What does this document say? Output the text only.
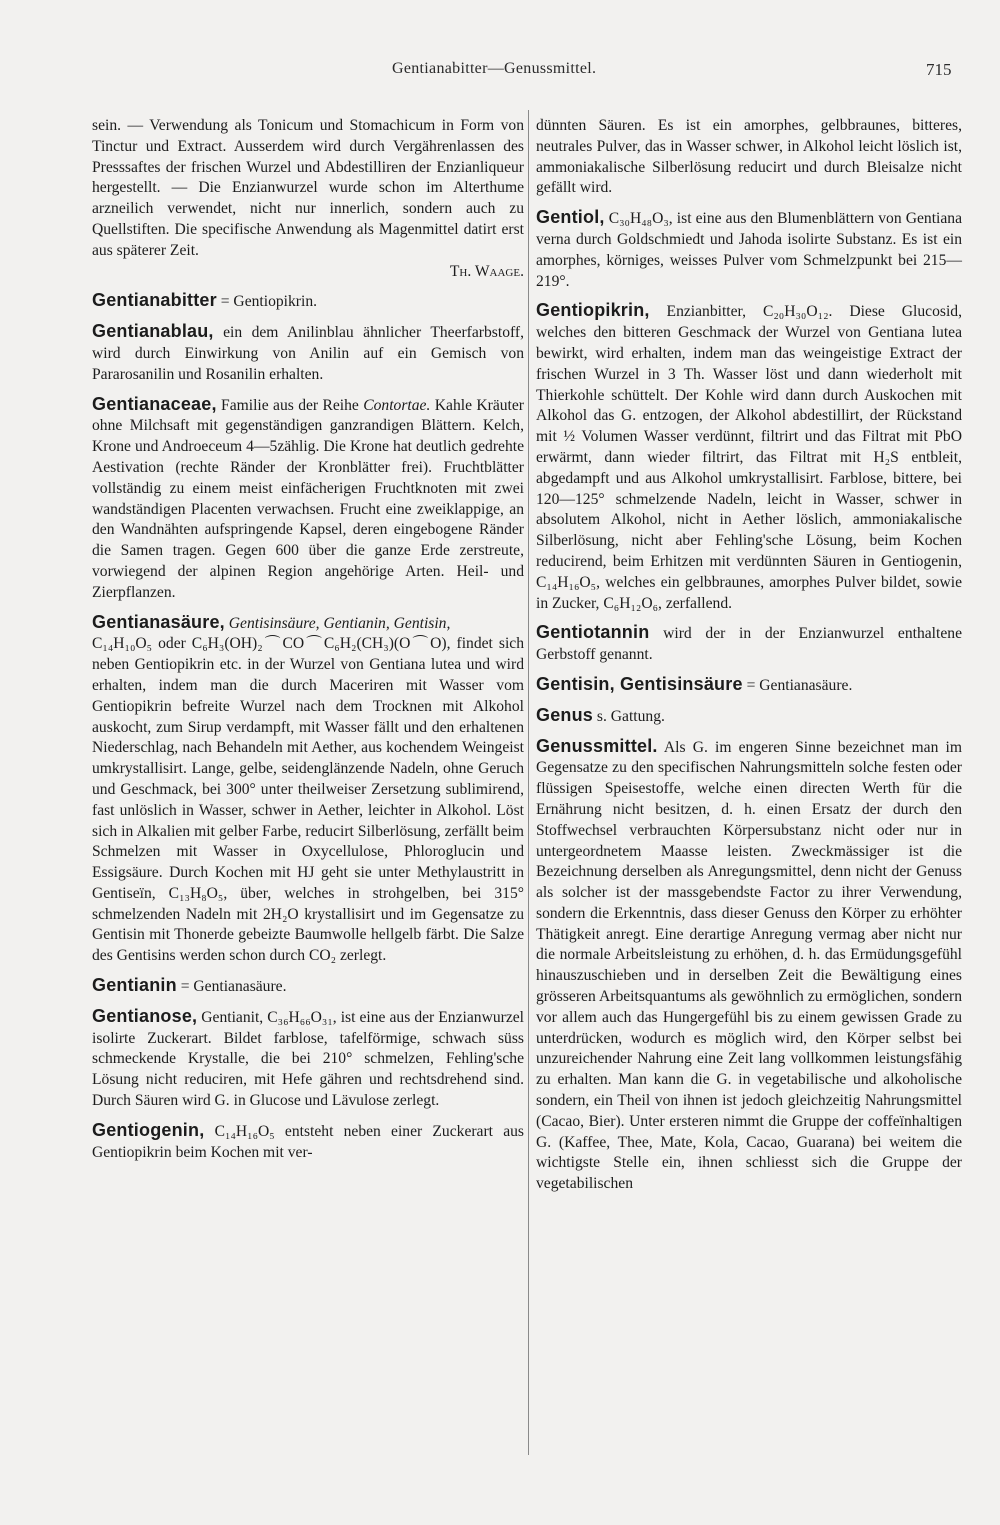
Gentianabitter—Genussmittel.	715

sein. — Verwendung als Tonicum und Stomachicum in Form von Tinctur und Extract. Ausserdem wird durch Vergährenlassen des Presssaftes der frischen Wurzel und Abdestilliren der Enzianliqueur hergestellt. — Die Enzianwurzel wurde schon im Alterthume arzneilich verwendet, nicht nur innerlich, sondern auch zu Quellstiften. Die specifische Anwendung als Magenmittel datirt erst aus späterer Zeit.
Th. Waage.

Gentianabitter = Gentiopikrin.

Gentianablau, ein dem Anilinblau ähnlicher Theerfarbstoff, wird durch Einwirkung von Anilin auf ein Gemisch von Pararosanilin und Rosanilin erhalten.

Gentianaceae, Familie aus der Reihe Contortae. Kahle Kräuter ohne Milchsaft mit gegenständigen ganzrandigen Blättern. Kelch, Krone und Androeceum 4—5zählig. Die Krone hat deutlich gedrehte Aestivation (rechte Ränder der Kronblätter frei). Fruchtblätter vollständig zu einem meist einfächerigen Fruchtknoten mit zwei wandständigen Placenten verwachsen. Frucht eine zweiklappige, an den Wandnähten aufspringende Kapsel, deren eingebogene Ränder die Samen tragen. Gegen 600 über die ganze Erde zerstreute, vorwiegend der alpinen Region angehörige Arten. Heil- und Zierpflanzen.

Gentianasäure, Gentisinsäure, Gentianin, Gentisin,
C₁₄H₁₀O₅ oder C₆H₃(OH)₂⌒CO⌒C₆H₂(CH₃)(O⌒O), findet sich neben Gentiopikrin etc. in der Wurzel von Gentiana lutea und wird erhalten, indem man die durch Maceriren mit Wasser vom Gentiopikrin befreite Wurzel nach dem Trocknen mit Alkohol auskocht, zum Sirup verdampft, mit Wasser fällt und den erhaltenen Niederschlag, nach Behandeln mit Aether, aus kochendem Weingeist umkrystallisirt. Lange, gelbe, seidenglänzende Nadeln, ohne Geruch und Geschmack, bei 300° unter theilweiser Zersetzung sublimirend, fast unlöslich in Wasser, schwer in Aether, leichter in Alkohol. Löst sich in Alkalien mit gelber Farbe, reducirt Silberlösung, zerfällt beim Schmelzen mit Wasser in Oxycellulose, Phloroglucin und Essigsäure. Durch Kochen mit HJ geht sie unter Methylaustritt in Gentiseïn, C₁₃H₈O₅, über, welches in strohgelben, bei 315° schmelzenden Nadeln mit 2H₂O krystallisirt und im Gegensatze zu Gentisin mit Thonerde gebeizte Baumwolle hellgelb färbt. Die Salze des Gentisins werden schon durch CO₂ zerlegt.

Gentianin = Gentianasäure.

Gentianose, Gentianit, C₃₆H₆₆O₃₁, ist eine aus der Enzianwurzel isolirte Zuckerart. Bildet farblose, tafelförmige, schwach süss schmeckende Krystalle, die bei 210° schmelzen, Fehling'sche Lösung nicht reduciren, mit Hefe gähren und rechtsdrehend sind. Durch Säuren wird G. in Glucose und Lävulose zerlegt.

Gentiogenin, C₁₄H₁₆O₅ entsteht neben einer Zuckerart aus Gentiopikrin beim Kochen mit ver-

dünnten Säuren. Es ist ein amorphes, gelbbraunes, bitteres, neutrales Pulver, das in Wasser schwer, in Alkohol leicht löslich ist, ammoniakalische Silberlösung reducirt und durch Bleisalze nicht gefällt wird.

Gentiol, C₃₀H₄₈O₃, ist eine aus den Blumenblättern von Gentiana verna durch Goldschmiedt und Jahoda isolirte Substanz. Es ist ein amorphes, körniges, weisses Pulver vom Schmelzpunkt bei 215—219°.

Gentiopikrin, Enzianbitter, C₂₀H₃₀O₁₂. Diese Glucosid, welches den bitteren Geschmack der Wurzel von Gentiana lutea bewirkt, wird erhalten, indem man das weingeistige Extract der frischen Wurzel in 3 Th. Wasser löst und dann wiederholt mit Thierkohle schüttelt. Der Kohle wird dann durch Auskochen mit Alkohol das G. entzogen, der Alkohol abdestillirt, der Rückstand mit ½ Volumen Wasser verdünnt, filtrirt und das Filtrat mit PbO erwärmt, dann wieder filtrirt, das Filtrat mit H₂S entbleit, abgedampft und aus Alkohol umkrystallisirt. Farblose, bittere, bei 120—125° schmelzende Nadeln, leicht in Wasser, schwer in absolutem Alkohol, nicht in Aether löslich, ammoniakalische Silberlösung, nicht aber Fehling'sche Lösung, beim Kochen reducirend, beim Erhitzen mit verdünnten Säuren in Gentiogenin, C₁₄H₁₆O₅, welches ein gelbbraunes, amorphes Pulver bildet, sowie in Zucker, C₆H₁₂O₆, zerfallend.

Gentiotannin wird der in der Enzianwurzel enthaltene Gerbstoff genannt.

Gentisin, Gentisinsäure = Gentianasäure.

Genus s. Gattung.

Genussmittel. Als G. im engeren Sinne bezeichnet man im Gegensatze zu den specifischen Nahrungsmitteln solche festen oder flüssigen Speisestoffe, welche einen directen Werth für die Ernährung nicht besitzen, d. h. einen Ersatz der durch den Stoffwechsel verbrauchten Körpersubstanz nicht oder nur in untergeordnetem Maasse leisten. Zweckmässiger ist die Bezeichnung derselben als Anregungsmittel, denn nicht der Genuss als solcher ist der massgebendste Factor zu ihrer Verwendung, sondern die Erkenntnis, dass dieser Genuss den Körper zu erhöhter Thätigkeit anregt. Eine derartige Anregung vermag aber nicht nur die normale Arbeitsleistung zu erhöhen, d. h. das Ermüdungsgefühl hinauszuschieben und in derselben Zeit die Bewältigung eines grösseren Arbeitsquantums als gewöhnlich zu ermöglichen, sondern vor allem auch das Hungergefühl bis zu einem gewissen Grade zu unterdrücken, wodurch es möglich wird, den Körper selbst bei unzureichender Nahrung eine Zeit lang vollkommen leistungsfähig zu erhalten. Man kann die G. in vegetabilische und alkoholische sondern, ein Theil von ihnen ist jedoch gleichzeitig Nahrungsmittel (Cacao, Bier). Unter ersteren nimmt die Gruppe der coffeïnhaltigen G. (Kaffee, Thee, Mate, Kola, Cacao, Guarana) bei weitem die wichtigste Stelle ein, ihnen schliesst sich die Gruppe der vegetabilischen
